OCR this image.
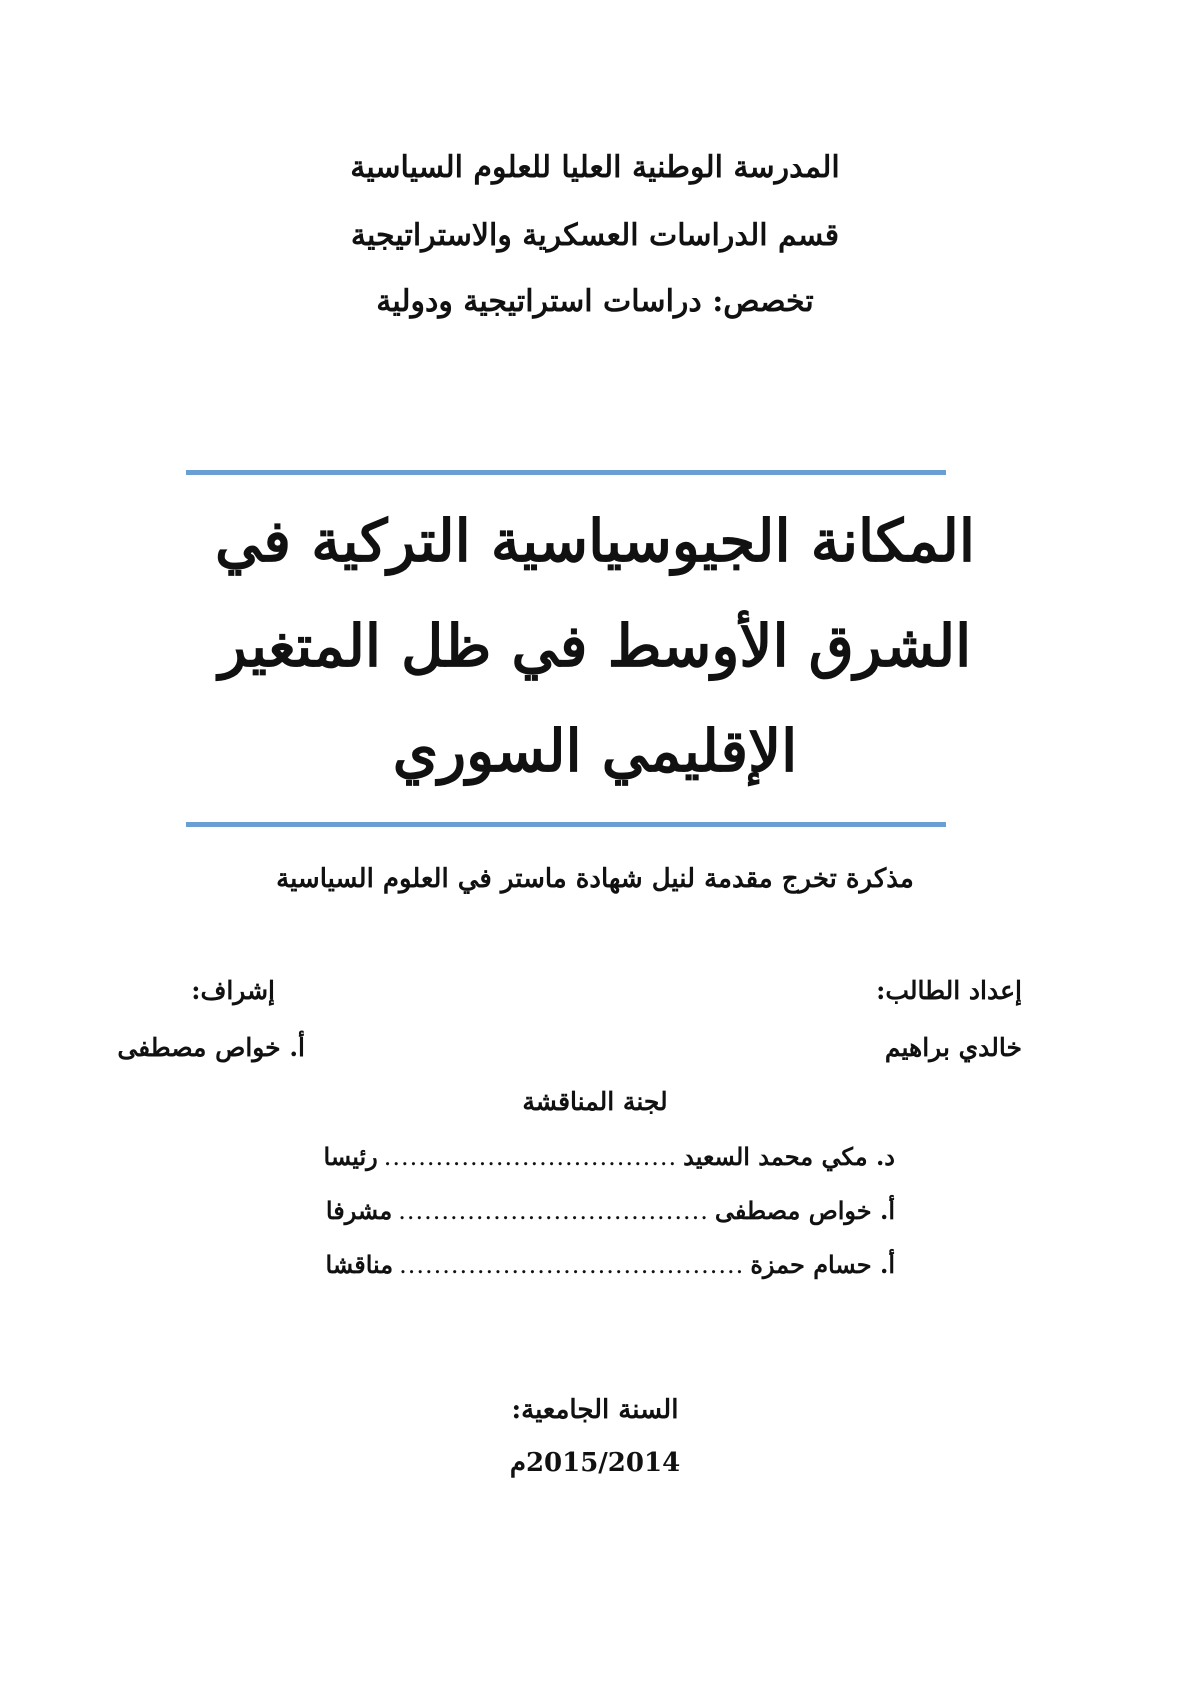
المدرسة الوطنية العليا للعلوم السياسية
قسم الدراسات العسكرية والاستراتيجية
تخصص: دراسات استراتيجية ودولية
المكانة الجيوسياسية التركية في
الشرق الأوسط في ظل المتغير
الإقليمي السوري
مذكرة تخرج مقدمة لنيل شهادة ماستر في العلوم السياسية
إعداد الطالب:
خالدي براهيم
إشراف:
أ. خواص مصطفى
لجنة المناقشة
د. مكي محمد السعيد
..................................
رئيسا
أ. خواص مصطفى
....................................
مشرفا
أ. حسام حمزة
........................................
مناقشا
السنة الجامعية:
2015/2014م
